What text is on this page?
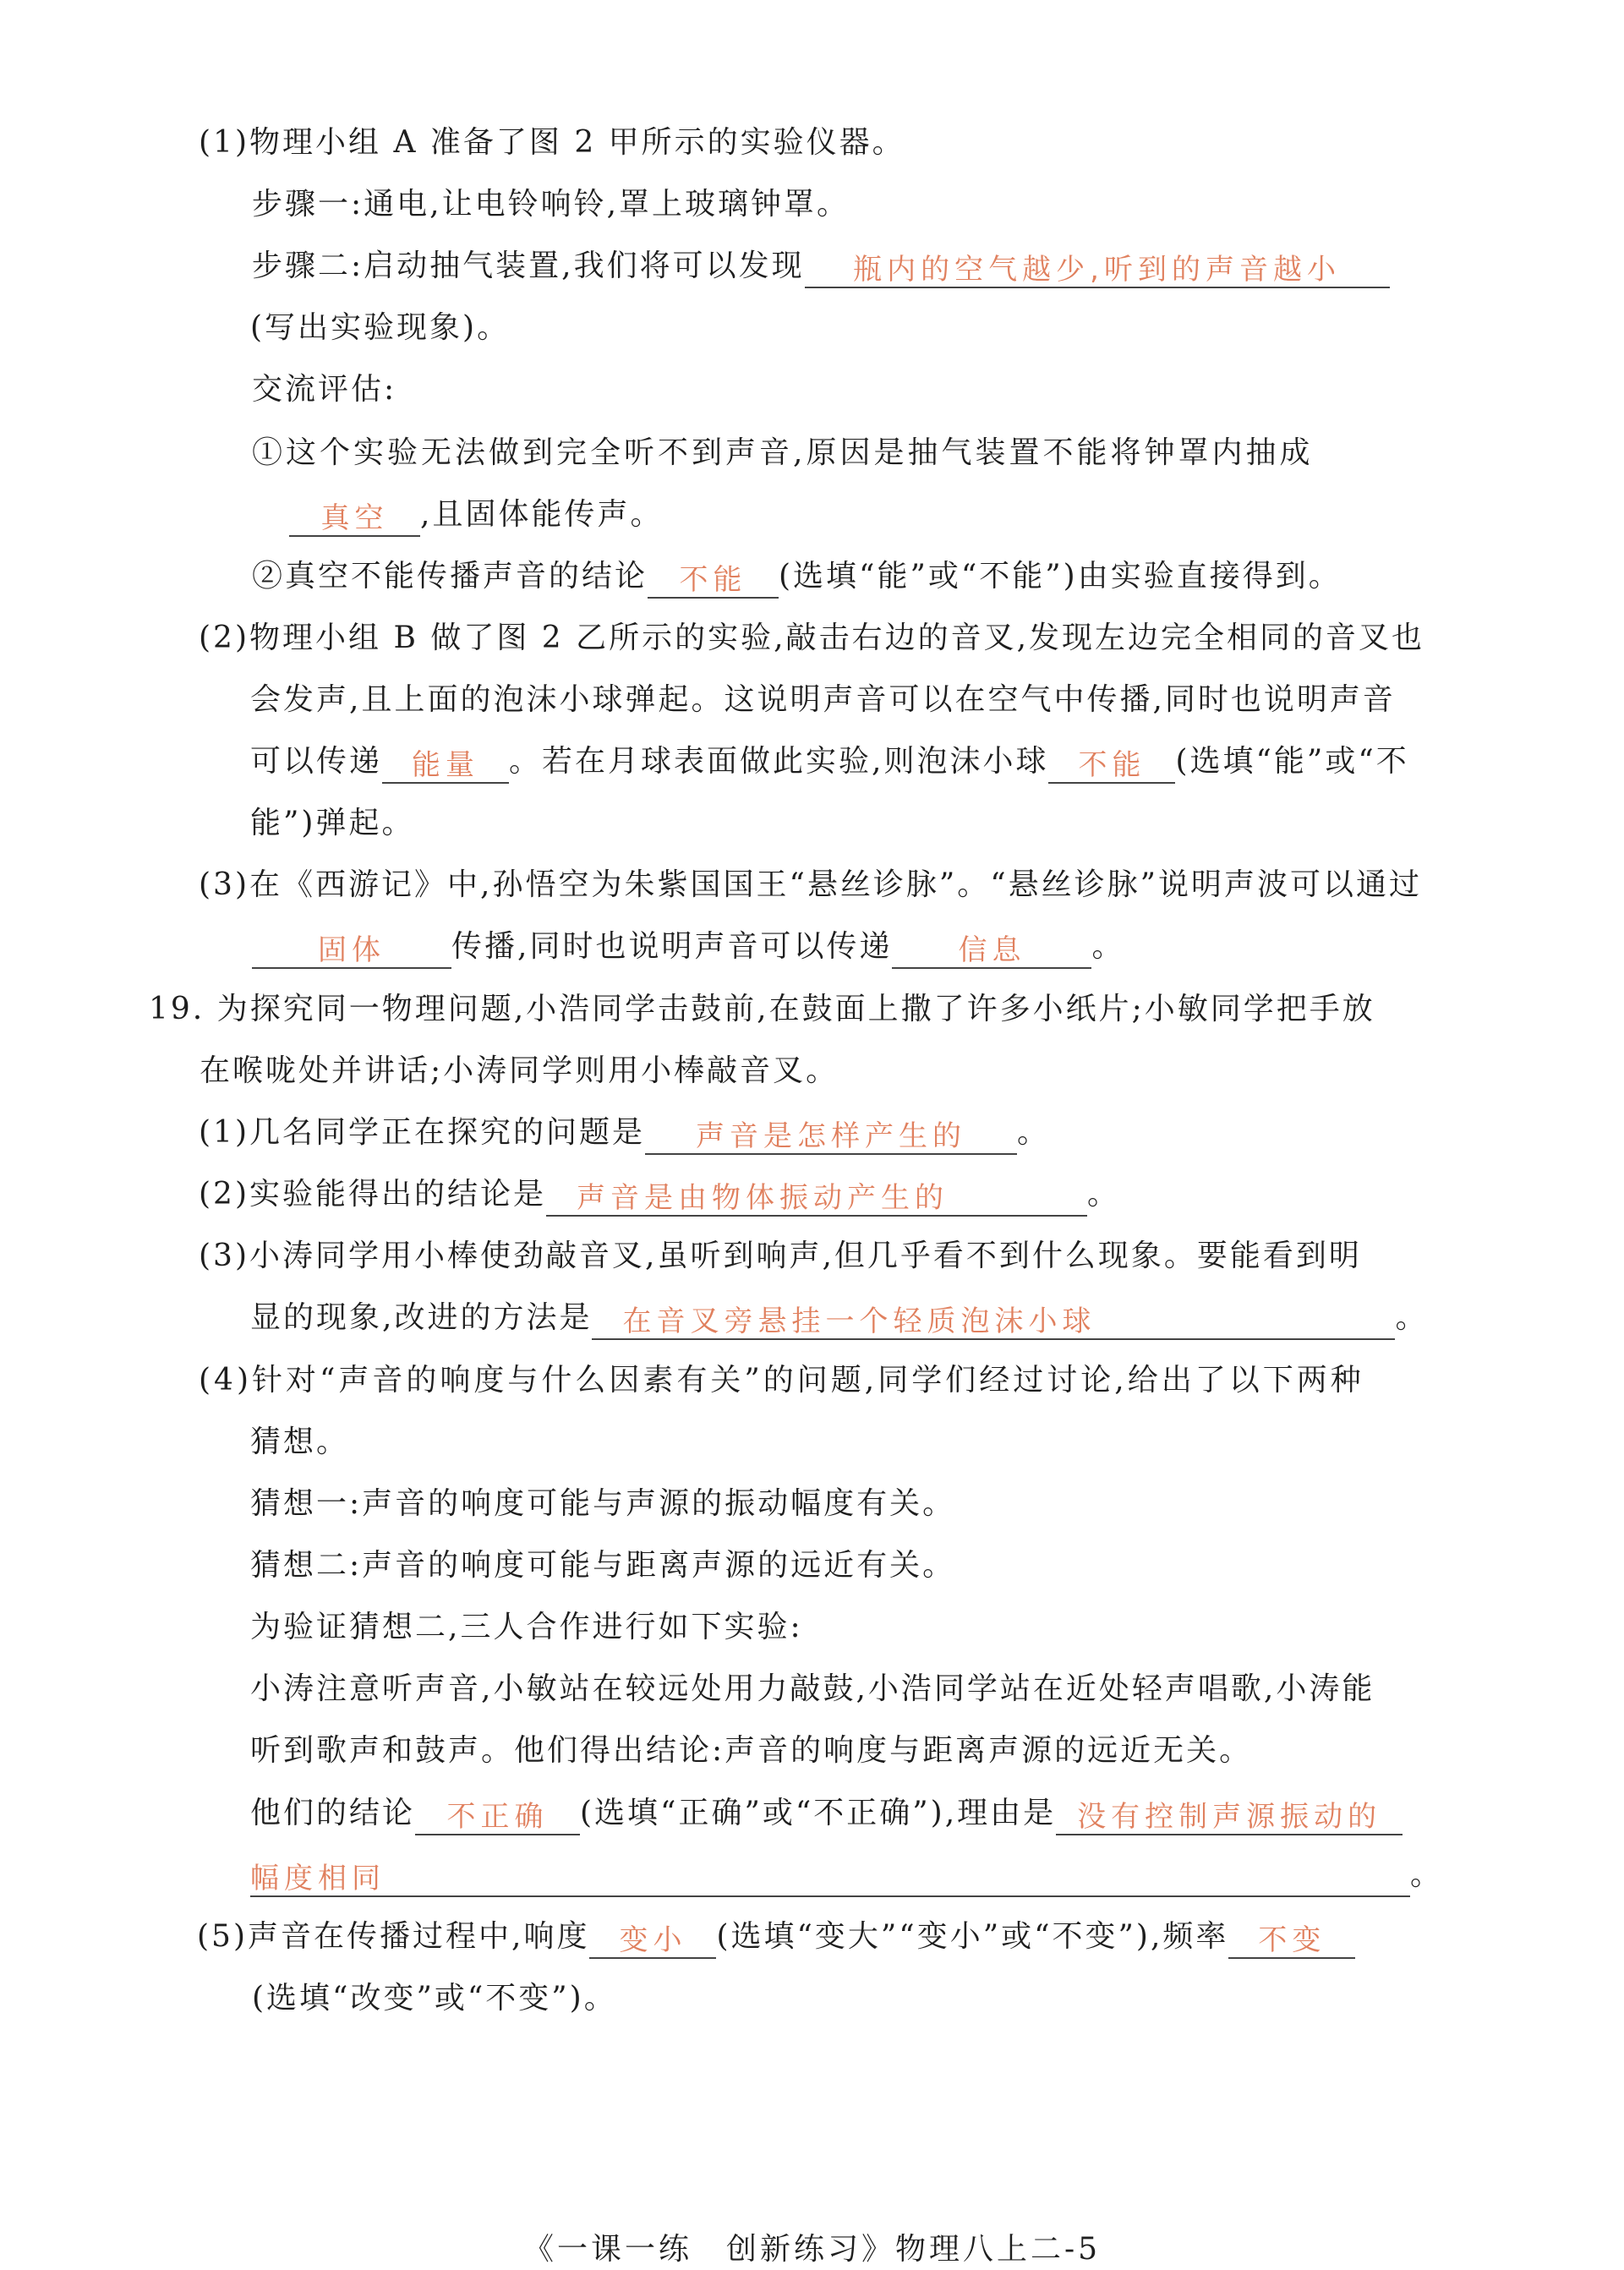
(1)物理小组 A 准备了图 2 甲所示的实验仪器。
步骤一:通电,让电铃响铃,罩上玻璃钟罩。
步骤二:启动抽气装置,我们将可以发现	瓶内的空气越少,听到的声音越小
(写出实验现象)。
交流评估:
①这个实验无法做到完全听不到声音,原因是抽气装置不能将钟罩内抽成
真空	,且固体能传声。
②真空不能传播声音的结论	不能	(选填“能”或“不能”)由实验直接得到。
(2)物理小组 B 做了图 2 乙所示的实验,敲击右边的音叉,发现左边完全相同的音叉也
会发声,且上面的泡沫小球弹起。这说明声音可以在空气中传播,同时也说明声音
可以传递	能量 。若在月球表面做此实验,则泡沫小球	不能 (选填“能”或“不
能”)弹起。
(3)在《西游记》中,孙悟空为朱紫国国王“悬丝诊脉”。“悬丝诊脉”说明声波可以通过
固体	传播,同时也说明声音可以传递	信息	。
19. 为探究同一物理问题,小浩同学击鼓前,在鼓面上撒了许多小纸片;小敏同学把手放
在喉咙处并讲话;小涛同学则用小棒敲音叉。
(1)几名同学正在探究的问题是	声音是怎样产生的	。
(2)实验能得出的结论是	声音是由物体振动产生的	。
(3)小涛同学用小棒使劲敲音叉,虽听到响声,但几乎看不到什么现象。要能看到明
显的现象,改进的方法是	在音叉旁悬挂一个轻质泡沫小球	。
(4)针对“声音的响度与什么因素有关”的问题,同学们经过讨论,给出了以下两种
猜想。
猜想一:声音的响度可能与声源的振动幅度有关。
猜想二:声音的响度可能与距离声源的远近有关。
为验证猜想二,三人合作进行如下实验:
小涛注意听声音,小敏站在较远处用力敲鼓,小浩同学站在近处轻声唱歌,小涛能
听到歌声和鼓声。他们得出结论:声音的响度与距离声源的远近无关。
他们的结论	不正确	(选填“正确”或“不正确”),理由是 没有控制声源振动的
幅度相同	。
(5)声音在传播过程中,响度	变小 (选填“变大”“变小”或“不变”),频率	不变
(选填“改变”或“不变”)。
《一课一练　创新练习》物理八上二-5
